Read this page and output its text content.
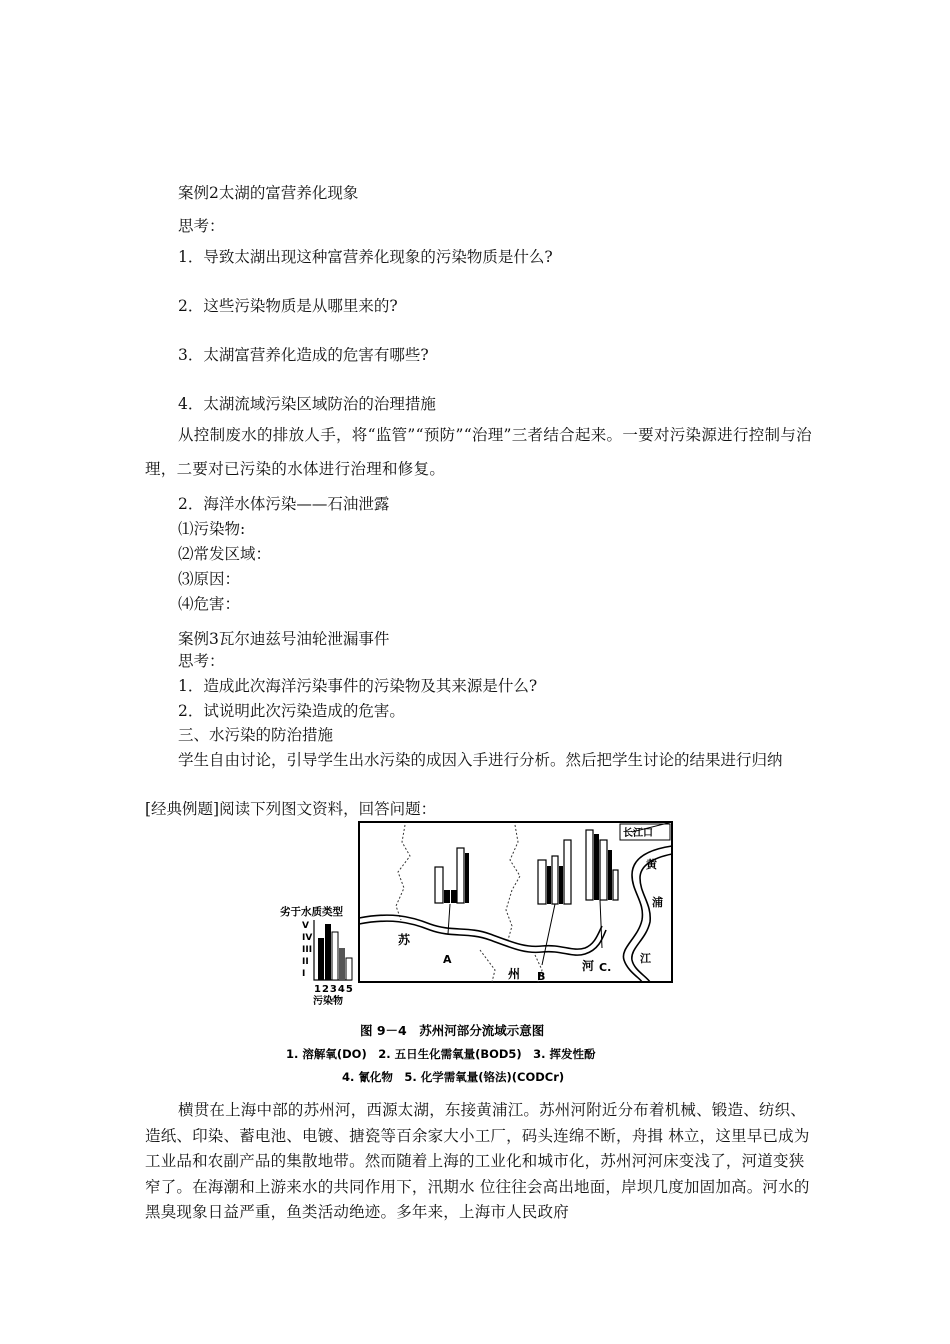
案例2太湖的富营养化现象
思考：
1．导致太湖出现这种富营养化现象的污染物质是什么?
2．这些污染物质是从哪里来的?
3．太湖富营养化造成的危害有哪些?
4．太湖流域污染区域防治的治理措施
从控制废水的排放人手，将“监管”“预防”“治理”三者结合起来。一要对污染源进行控制与治理，二要对已污染的水体进行治理和修复。
2．海洋水体污染——石油泄露
⑴污染物:
⑵常发区域：
⑶原因：
⑷危害：
案例3瓦尔迪兹号油轮泄漏事件
思考：
1．造成此次海洋污染事件的污染物及其来源是什么?
2．试说明此次污染造成的危害。
三、水污染的防治措施
学生自由讨论，引导学生出水污染的成因入手进行分析。然后把学生讨论的结果进行归纳
[经典例题]阅读下列图文资料，回答问题：
长江口
黄
浦
江
苏
州
河
A
B
C.
劣于水质类型
V
IV
III
II
I
12345
污染物
图 9－4　苏州河部分流域示意图
1. 溶解氧(DO)　2. 五日生化需氧量(BOD5)　3. 挥发性酚
4. 氰化物　5. 化学需氧量(铬法)(CODCr)
横贯在上海中部的苏州河，西源太湖，东接黄浦江。苏州河附近分布着机械、锻造、纺织、造纸、印染、蓄电池、电镀、搪瓷等百余家大小工厂，码头连绵不断，舟揖 林立，这里早已成为工业品和农副产品的集散地带。然而随着上海的工业化和城市化，苏州河河床变浅了，河道变狭窄了。在海潮和上游来水的共同作用下，汛期水 位往往会高出地面，岸坝几度加固加高。河水的黑臭现象日益严重，鱼类活动绝迹。多年来，上海市人民政府
